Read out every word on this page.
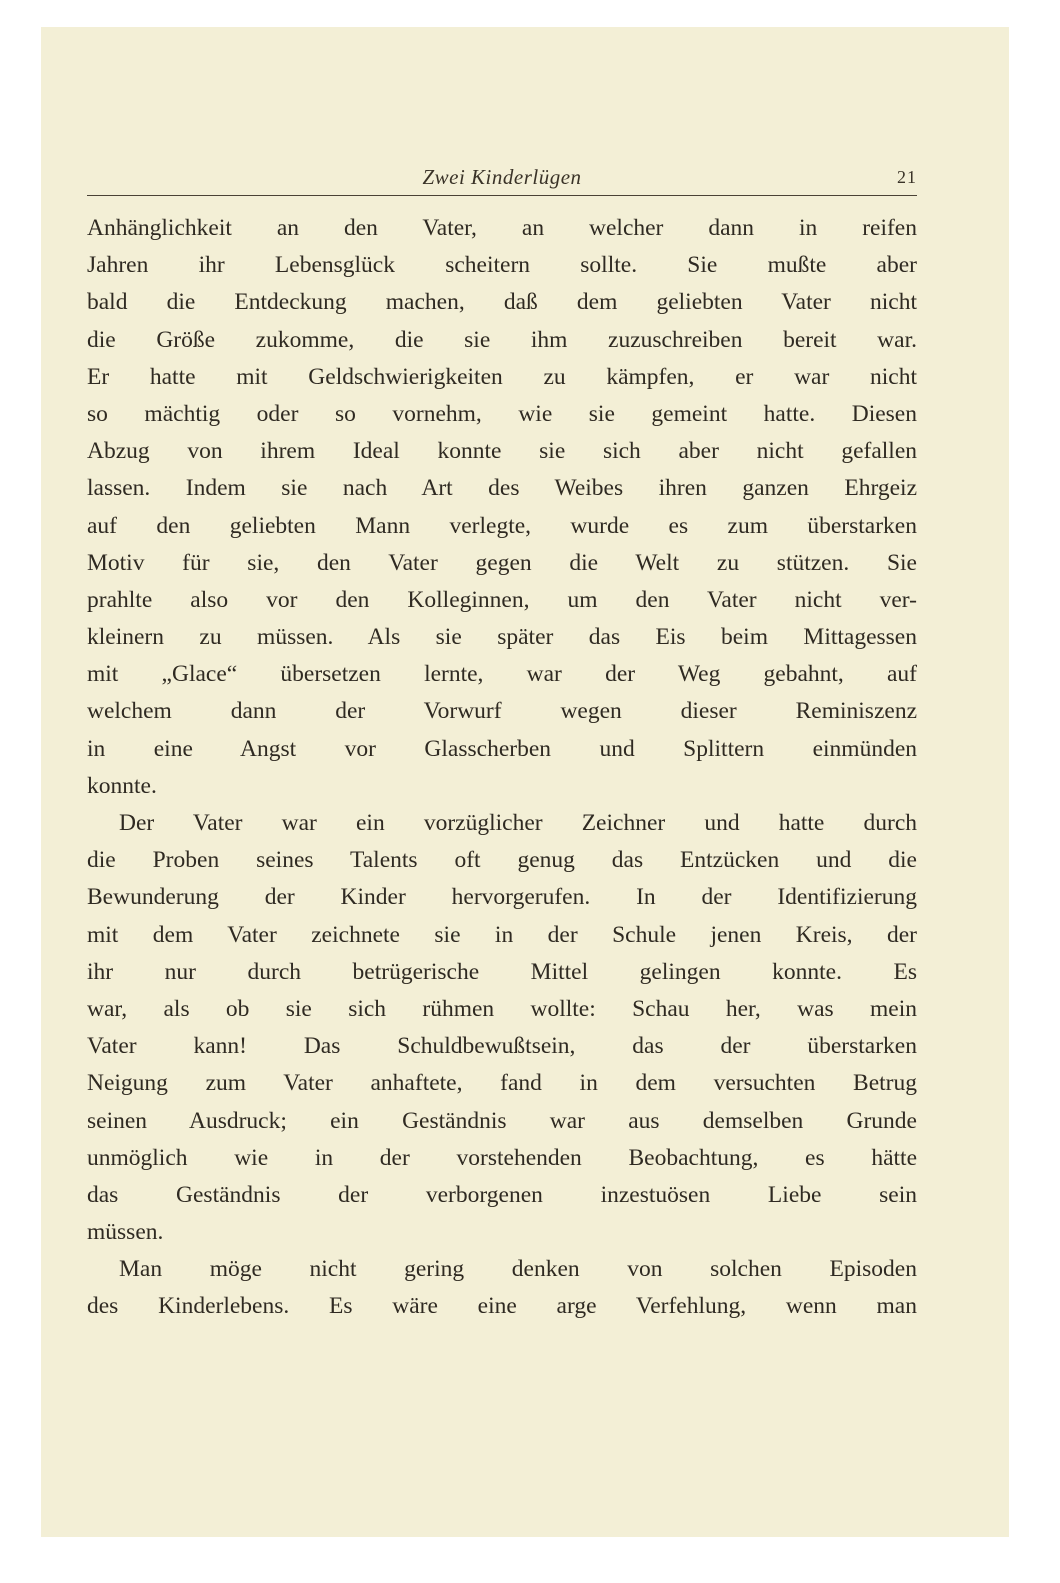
Zwei Kinderlügen	21
Anhänglichkeit an den Vater, an welcher dann in reifen
Jahren ihr Lebensglück scheitern sollte. Sie mußte aber
bald die Entdeckung machen, daß dem geliebten Vater nicht
die Größe zukomme, die sie ihm zuzuschreiben bereit war.
Er hatte mit Geldschwierigkeiten zu kämpfen, er war nicht
so mächtig oder so vornehm, wie sie gemeint hatte. Diesen
Abzug von ihrem Ideal konnte sie sich aber nicht gefallen
lassen. Indem sie nach Art des Weibes ihren ganzen Ehrgeiz
auf den geliebten Mann verlegte, wurde es zum überstarken
Motiv für sie, den Vater gegen die Welt zu stützen. Sie
prahlte also vor den Kolleginnen, um den Vater nicht ver-
kleinern zu müssen. Als sie später das Eis beim Mittagessen
mit „Glace“ übersetzen lernte, war der Weg gebahnt, auf
welchem dann der Vorwurf wegen dieser Reminiszenz
in eine Angst vor Glasscherben und Splittern einmünden
konnte.
Der Vater war ein vorzüglicher Zeichner und hatte durch
die Proben seines Talents oft genug das Entzücken und die
Bewunderung der Kinder hervorgerufen. In der Identifizierung
mit dem Vater zeichnete sie in der Schule jenen Kreis, der
ihr nur durch betrügerische Mittel gelingen konnte. Es
war, als ob sie sich rühmen wollte: Schau her, was mein
Vater kann! Das Schuldbewußtsein, das der überstarken
Neigung zum Vater anhaftete, fand in dem versuchten Betrug
seinen Ausdruck; ein Geständnis war aus demselben Grunde
unmöglich wie in der vorstehenden Beobachtung, es hätte
das Geständnis der verborgenen inzestuösen Liebe sein
müssen.
Man möge nicht gering denken von solchen Episoden
des Kinderlebens. Es wäre eine arge Verfehlung, wenn man
